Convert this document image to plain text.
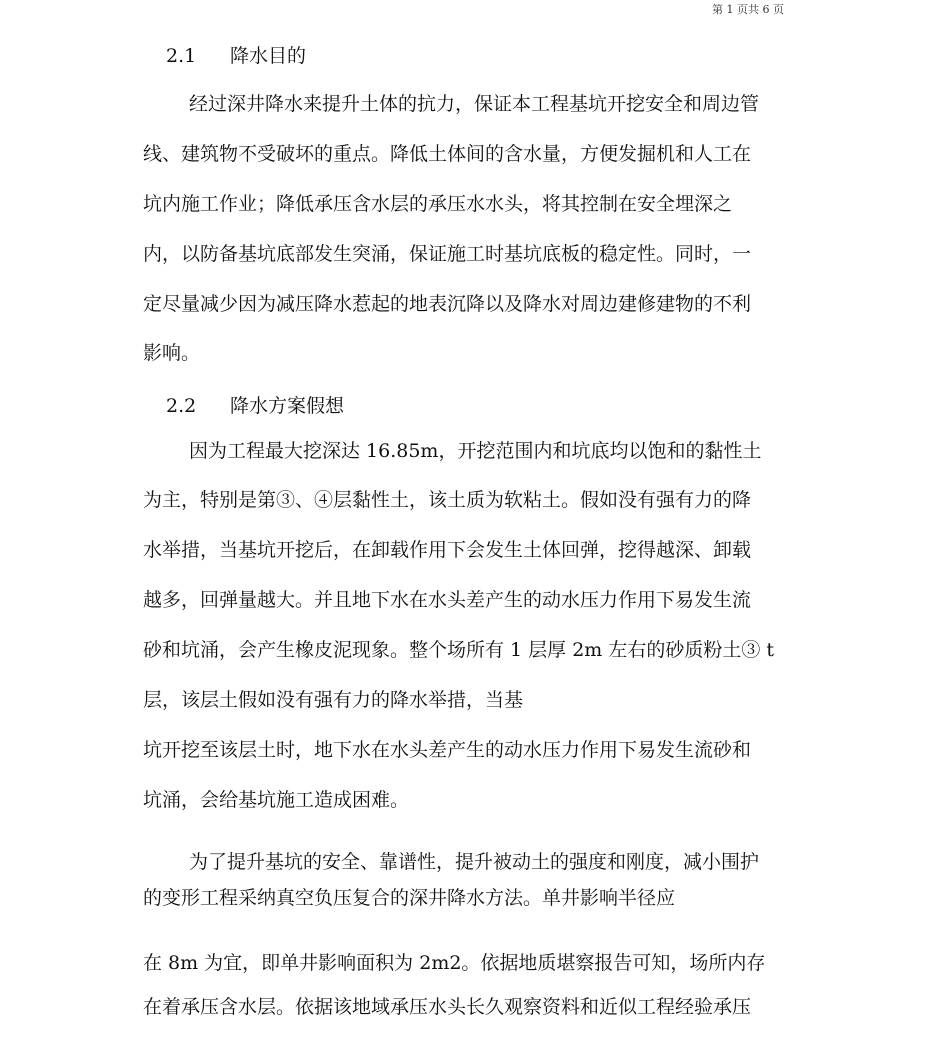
第 1 页共 6 页
2.1 降水目的
经过深井降水来提升土体的抗力，保证本工程基坑开挖安全和周边管
线、建筑物不受破坏的重点。降低土体间的含水量，方便发掘机和人工在
坑内施工作业；降低承压含水层的承压水水头，将其控制在安全埋深之
内，以防备基坑底部发生突涌，保证施工时基坑底板的稳定性。同时，一
定尽量减少因为减压降水惹起的地表沉降以及降水对周边建修建物的不利
影响。
2.2 降水方案假想
因为工程最大挖深达 16.85m，开挖范围内和坑底均以饱和的黏性土
为主，特别是第③、④层黏性土，该土质为软粘土。假如没有强有力的降
水举措，当基坑开挖后，在卸载作用下会发生土体回弹，挖得越深、卸载
越多，回弹量越大。并且地下水在水头差产生的动水压力作用下易发生流
砂和坑涌，会产生橡皮泥现象。整个场所有 1 层厚 2m 左右的砂质粉土③ t
层，该层土假如没有强有力的降水举措，当基
坑开挖至该层土时，地下水在水头差产生的动水压力作用下易发生流砂和
坑涌，会给基坑施工造成困难。
为了提升基坑的安全、靠谱性，提升被动土的强度和刚度，减小围护
的变形工程采纳真空负压复合的深井降水方法。单井影响半径应
在 8m 为宜，即单井影响面积为 2m2。依据地质堪察报告可知，场所内存
在着承压含水层。依据该地域承压水头长久观察资料和近似工程经验承压
